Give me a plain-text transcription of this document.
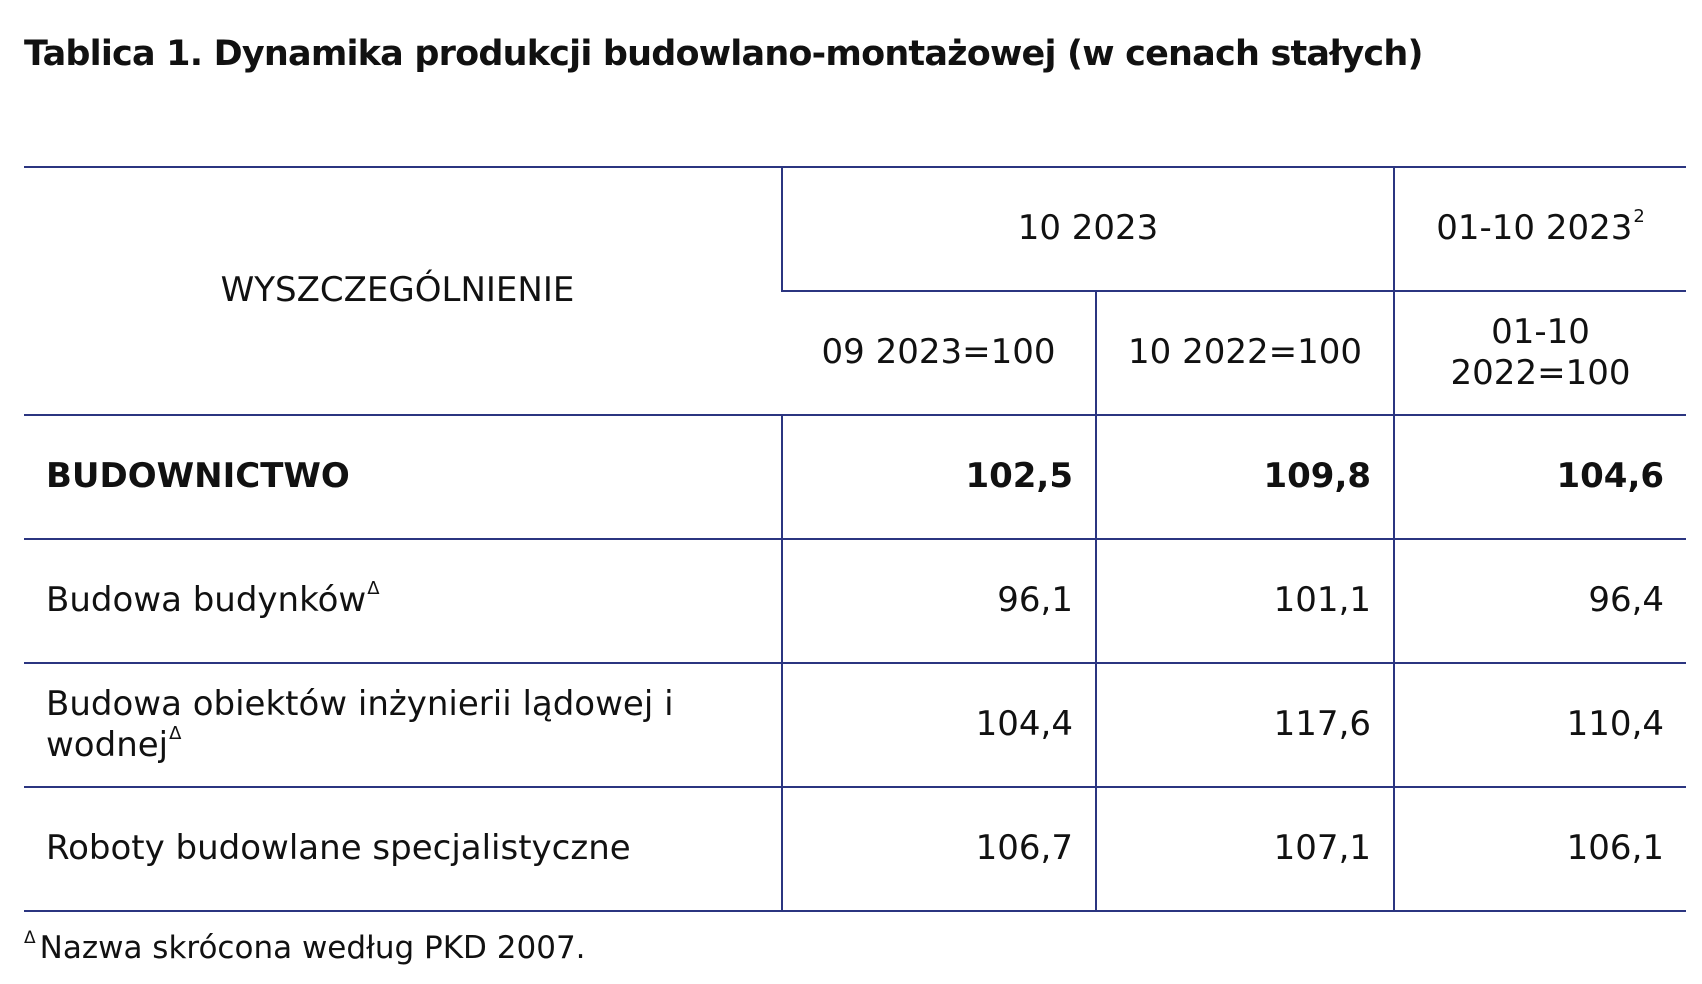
Tablica 1. Dynamika produkcji budowlano-montażowej (w cenach stałych)
WYSZCZEGÓLNIENIE	10 2023		01-10 2023$^2$
	09 2023=100	10 2022=100	01-10 2022=100
BUDOWNICTWO	102,5	109,8	104,6
Budowa budynków$^\Delta$	96,1	101,1	96,4
Budowa obiektów inżynierii lądowej i wodnej$^\Delta$	104,4	117,6	110,4
Roboty budowlane specjalistyczne	106,7	107,1	106,1
$^\Delta$ Nazwa skrócona według PKD 2007.
